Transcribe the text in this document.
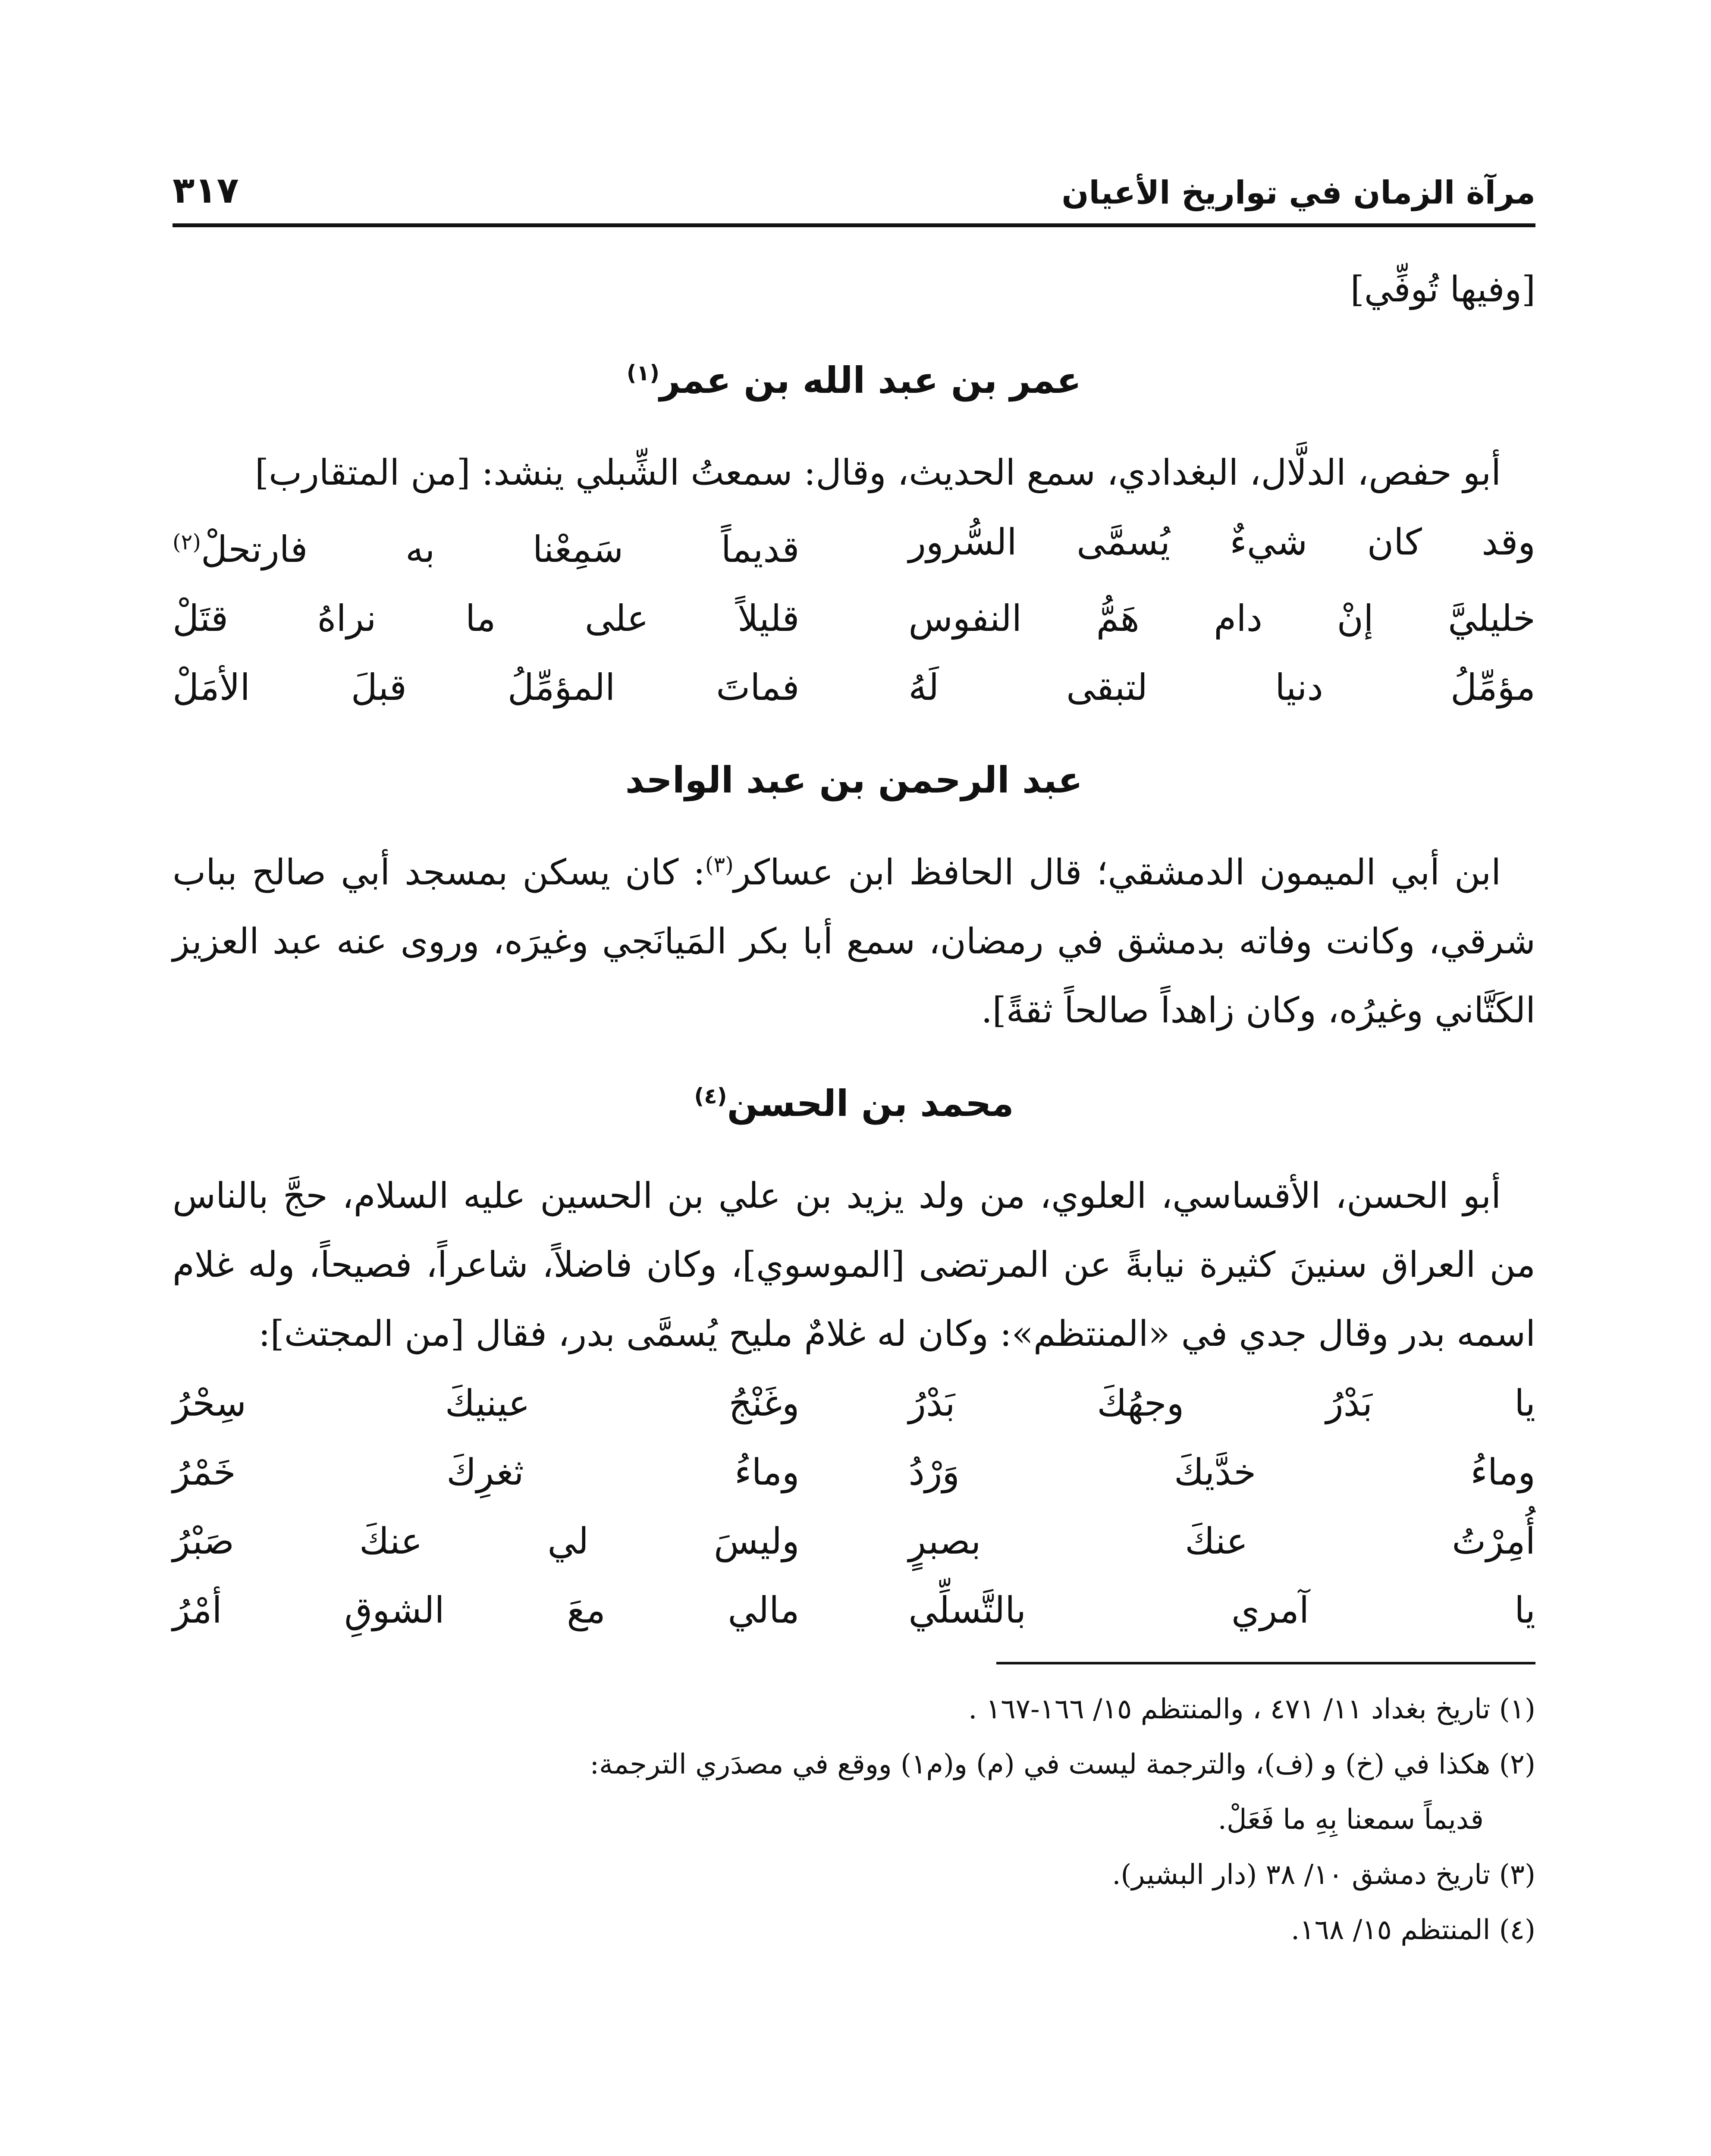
مرآة الزمان في تواريخ الأعيان
٣١٧
[وفيها تُوفِّي]
عمر بن عبد الله بن عمر$^{(١)}$

أبو حفص، الدلَّال، البغدادي، سمع الحديث، وقال: سمعتُ الشِّبلي ينشد: [من المتقارب]

وقد كان شيءٌ يُسمَّى السُّرور
قديماً سَمِعْنا به فارتحلْ$^{(٢)}$
خليليَّ إنْ دام هَمُّ النفوس
قليلاً على ما نراهُ قتَلْ
مؤمِّلُ دنيا لتبقى لَهُ
فماتَ المؤمِّلُ قبلَ الأمَلْ
عبد الرحمن بن عبد الواحد

ابن أبي الميمون الدمشقي؛ قال الحافظ ابن عساكر$^{(٣)}$: كان يسكن بمسجد أبي صالح بباب شرقي، وكانت وفاته بدمشق في رمضان، سمع أبا بكر المَيانَجي وغيرَه، وروى عنه عبد العزيز الكَتَّاني وغيرُه، وكان زاهداً صالحاً ثقةً].

محمد بن الحسن$^{(٤)}$

أبو الحسن، الأقساسي، العلوي، من ولد يزيد بن علي بن الحسين عليه السلام، حجَّ بالناس من العراق سنينَ كثيرة نيابةً عن المرتضى [الموسوي]، وكان فاضلاً، شاعراً، فصيحاً، وله غلام اسمه بدر وقال جدي في «المنتظم»: وكان له غلامٌ مليح يُسمَّى بدر، فقال [من المجتث]:

يا بَدْرُ وجهُكَ بَدْرُ
وغَنْجُ عينيكَ سِحْرُ
وماءُ خدَّيكَ وَرْدُ
وماءُ ثغرِكَ خَمْرُ
أُمِرْتُ عنكَ بصبرٍ
وليسَ لي عنكَ صَبْرُ
يا آمري بالتَّسلِّي
مالي معَ الشوقِ أمْرُ
(١) تاريخ بغداد ١١/ ٤٧١ ، والمنتظم ١٥/ ١٦٦-١٦٧ .
(٢) هكذا في (خ) و (ف)، والترجمة ليست في (م) و(م١) ووقع في مصدَري الترجمة:
قديماً سمعنا بِهِ ما فَعَلْ.
(٣) تاريخ دمشق ١٠/ ٣٨ (دار البشير).
(٤) المنتظم ١٥/ ١٦٨.
